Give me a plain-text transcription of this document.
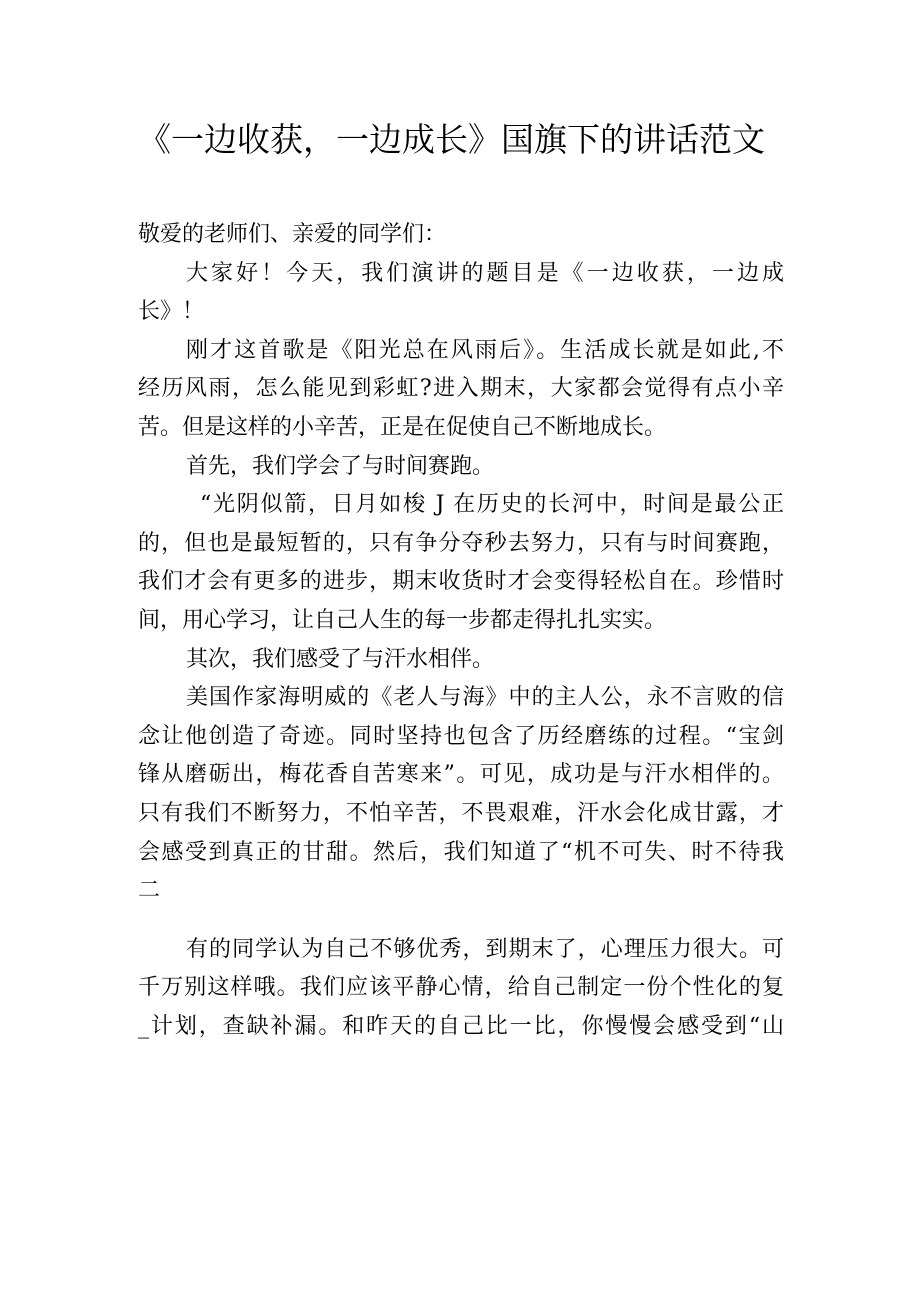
《一边收获，一边成长》国旗下的讲话范文
敬爱的老师们、亲爱的同学们：
大家好！今天，我们演讲的题目是《一边收获，一边成
长》！
刚才这首歌是《阳光总在风雨后》。生活成长就是如此,不
经历风雨，怎么能见到彩虹?进入期末，大家都会觉得有点小辛
苦。但是这样的小辛苦，正是在促使自己不断地成长。
首先，我们学会了与时间赛跑。
“光阴似箭，日月如梭 J 在历史的长河中，时间是最公正
的，但也是最短暂的，只有争分夺秒去努力，只有与时间赛跑，
我们才会有更多的进步，期末收货时才会变得轻松自在。珍惜时
间，用心学习，让自己人生的每一步都走得扎扎实实。
其次，我们感受了与汗水相伴。
美国作家海明威的《老人与海》中的主人公，永不言败的信
念让他创造了奇迹。同时坚持也包含了历经磨练的过程。“宝剑
锋从磨砺出，梅花香自苦寒来”。可见，成功是与汗水相伴的。
只有我们不断努力，不怕辛苦，不畏艰难，汗水会化成甘露，才
会感受到真正的甘甜。然后，我们知道了“机不可失、时不待我
二
有的同学认为自己不够优秀，到期末了，心理压力很大。可
千万别这样哦。我们应该平静心情，给自己制定一份个性化的复
_计划，查缺补漏。和昨天的自己比一比，你慢慢会感受到“山
